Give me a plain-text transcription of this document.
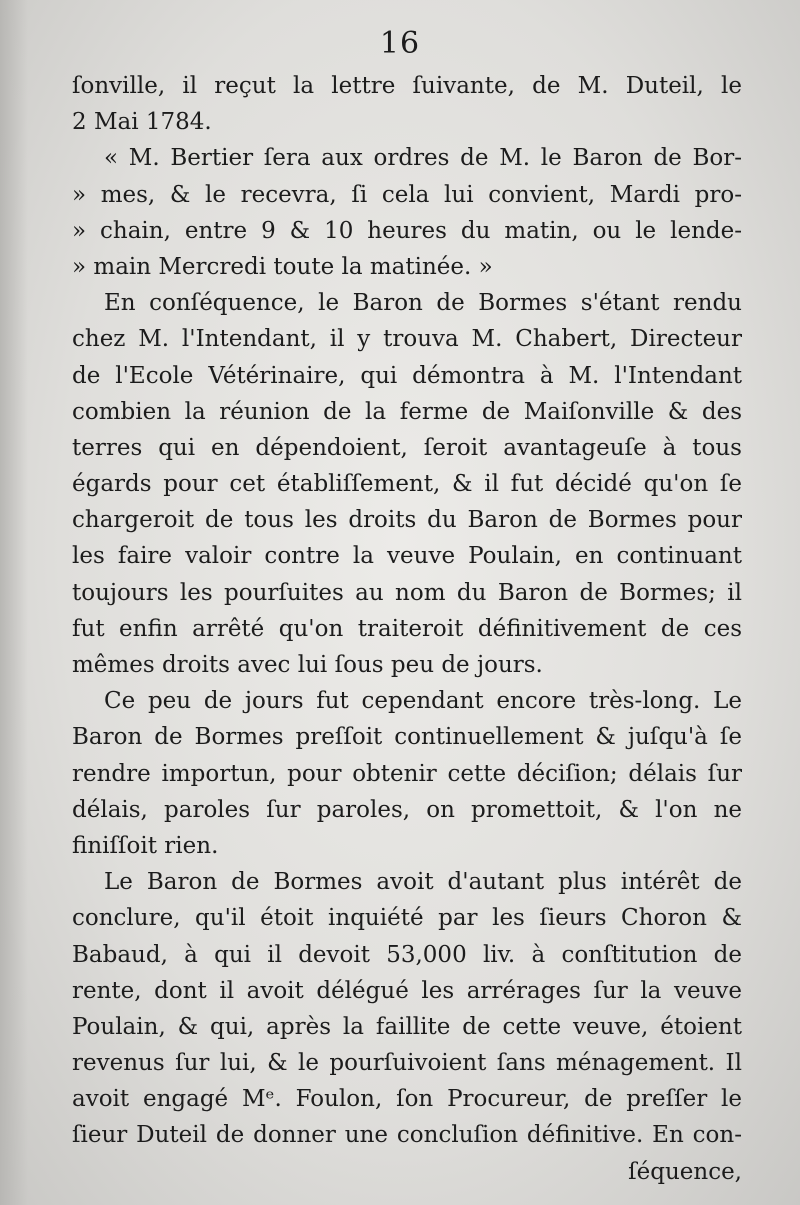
16
ſonville, il reçut la lettre ſuivante, de M. Duteil, le
2 Mai 1784.
« M. Bertier ſera aux ordres de M. le Baron de Bor-
» mes, & le recevra, ſi cela lui convient, Mardi pro-
» chain, entre 9 & 10 heures du matin, ou le lende-
» main Mercredi toute la matinée. »
En conſéquence, le Baron de Bormes s'étant rendu
chez M. l'Intendant, il y trouva M. Chabert, Directeur
de l'Ecole Vétérinaire, qui démontra à M. l'Intendant
combien la réunion de la ferme de Maiſonville & des
terres qui en dépendoient, ſeroit avantageuſe à tous
égards pour cet établiſſement, & il fut décidé qu'on ſe
chargeroit de tous les droits du Baron de Bormes pour
les faire valoir contre la veuve Poulain, en continuant
toujours les pourſuites au nom du Baron de Bormes; il
fut enfin arrêté qu'on traiteroit définitivement de ces
mêmes droits avec lui ſous peu de jours.
Ce peu de jours fut cependant encore très-long. Le
Baron de Bormes preſſoit continuellement & juſqu'à ſe
rendre importun, pour obtenir cette déciſion; délais ſur
délais, paroles ſur paroles, on promettoit, & l'on ne
finiſſoit rien.
Le Baron de Bormes avoit d'autant plus intérêt de
conclure, qu'il étoit inquiété par les ſieurs Choron &
Babaud, à qui il devoit 53,000 liv. à conſtitution de
rente, dont il avoit délégué les arrérages ſur la veuve
Poulain, & qui, après la faillite de cette veuve, étoient
revenus ſur lui, & le pourſuivoient ſans ménagement. Il
avoit engagé Mᵉ. Foulon, ſon Procureur, de preſſer le
ſieur Duteil de donner une concluſion définitive. En con-
ſéquence,
